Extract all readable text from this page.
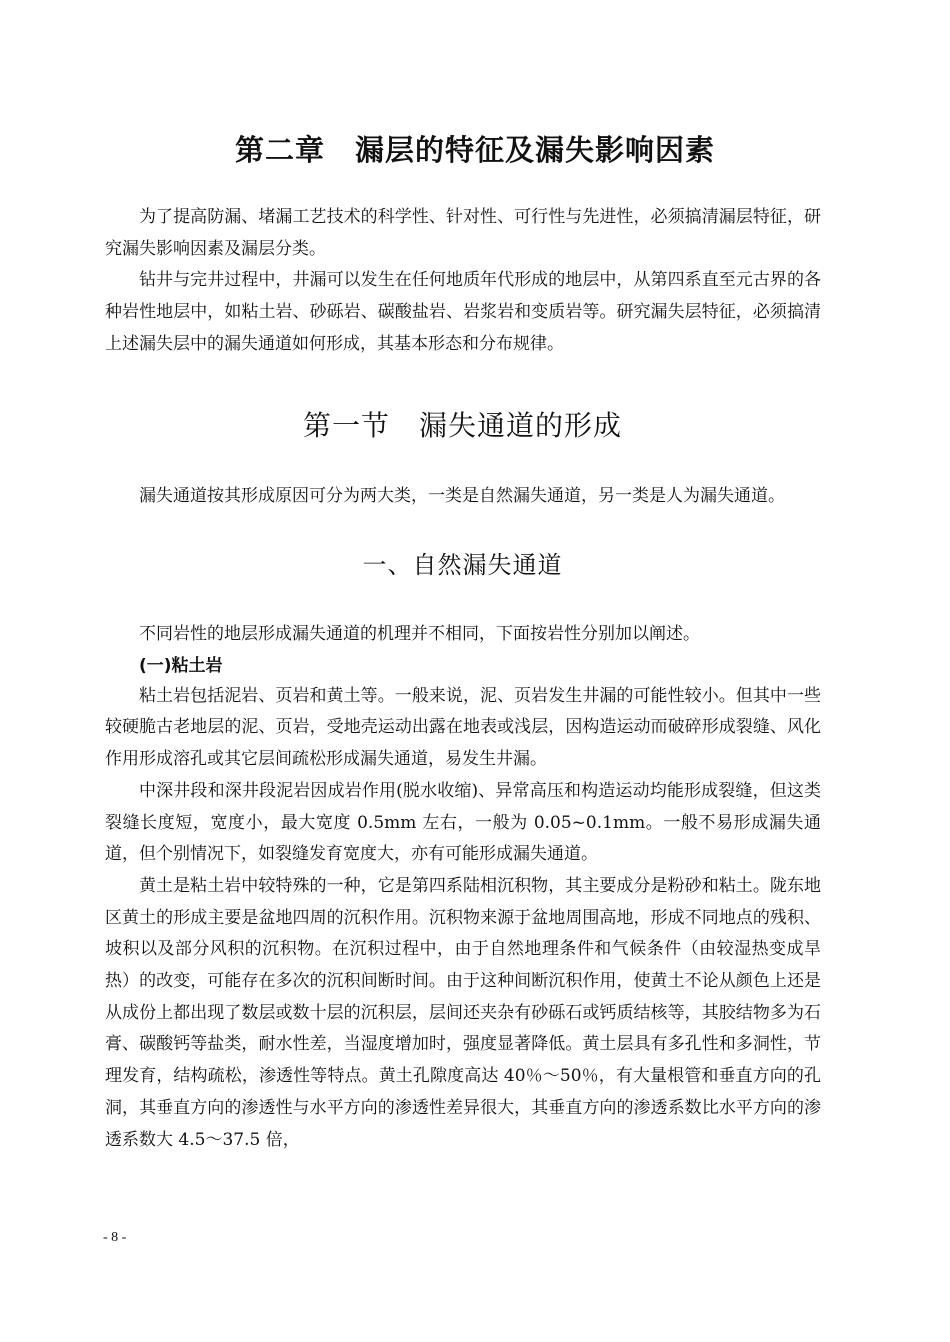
第二章　漏层的特征及漏失影响因素

为了提高防漏、堵漏工艺技术的科学性、针对性、可行性与先进性，必须搞清漏层特征，研究漏失影响因素及漏层分类。

钻井与完井过程中，井漏可以发生在任何地质年代形成的地层中，从第四系直至元古界的各种岩性地层中，如粘土岩、砂砾岩、碳酸盐岩、岩浆岩和变质岩等。研究漏失层特征，必须搞清上述漏失层中的漏失通道如何形成，其基本形态和分布规律。

第一节　漏失通道的形成

漏失通道按其形成原因可分为两大类，一类是自然漏失通道，另一类是人为漏失通道。

一、自然漏失通道

不同岩性的地层形成漏失通道的机理并不相同，下面按岩性分别加以阐述。

(一)粘土岩

粘土岩包括泥岩、页岩和黄土等。一般来说，泥、页岩发生井漏的可能性较小。但其中一些较硬脆古老地层的泥、页岩，受地壳运动出露在地表或浅层，因构造运动而破碎形成裂缝、风化作用形成溶孔或其它层间疏松形成漏失通道，易发生井漏。

中深井段和深井段泥岩因成岩作用(脱水收缩)、异常高压和构造运动均能形成裂缝，但这类裂缝长度短，宽度小，最大宽度 0.5mm 左右，一般为 0.05~0.1mm。一般不易形成漏失通道，但个别情况下，如裂缝发育宽度大，亦有可能形成漏失通道。

黄土是粘土岩中较特殊的一种，它是第四系陆相沉积物，其主要成分是粉砂和粘土。陇东地区黄土的形成主要是盆地四周的沉积作用。沉积物来源于盆地周围高地，形成不同地点的残积、坡积以及部分风积的沉积物。在沉积过程中，由于自然地理条件和气候条件（由较湿热变成旱热）的改变，可能存在多次的沉积间断时间。由于这种间断沉积作用，使黄土不论从颜色上还是从成份上都出现了数层或数十层的沉积层，层间还夹杂有砂砾石或钙质结核等，其胶结物多为石膏、碳酸钙等盐类，耐水性差，当湿度增加时，强度显著降低。黄土层具有多孔性和多洞性，节理发育，结构疏松，渗透性等特点。黄土孔隙度高达 40％～50％，有大量根管和垂直方向的孔洞，其垂直方向的渗透性与水平方向的渗透性差异很大，其垂直方向的渗透系数比水平方向的渗透系数大 4.5～37.5 倍，

- 8 -
